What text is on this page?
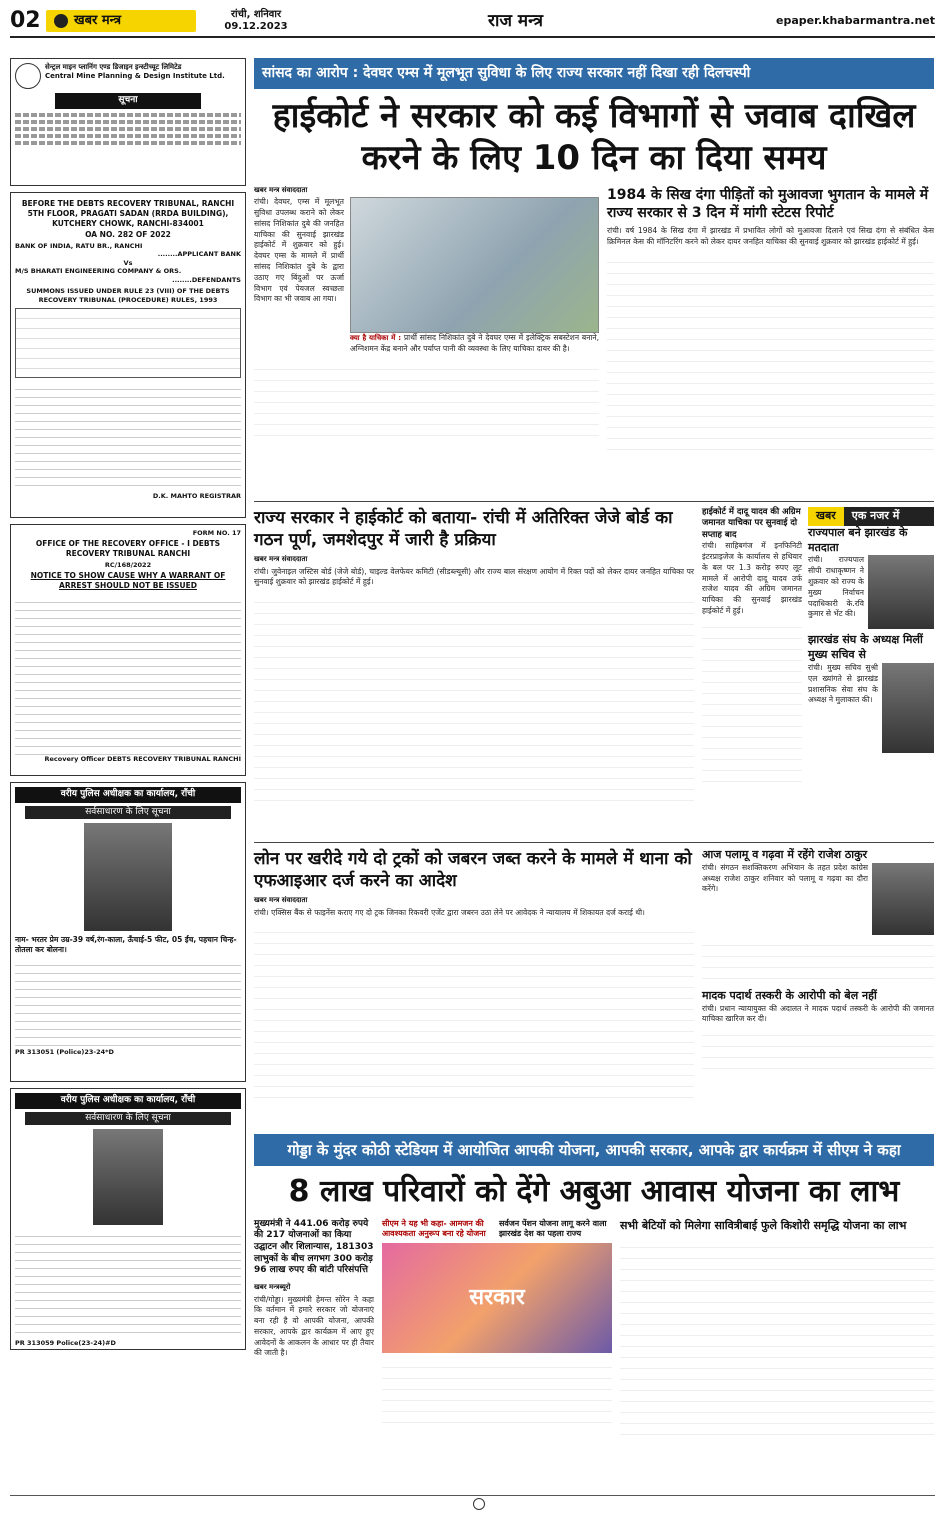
02	खबर मन्त्र	रांची, शनिवार
09.12.2023	राज मन्त्र	epaper.khabarmantra.net
सेन्ट्रल माइन प्लानिंग एण्ड डिजाइन इन्स्टीच्यूट लिमिटेड
Central Mine Planning & Design Institute Ltd.
सूचना
BEFORE THE DEBTS RECOVERY TRIBUNAL, RANCHI 5TH FLOOR, PRAGATI SADAN (RRDA BUILDING), KUTCHERY CHOWK, RANCHI-834001
OA NO. 282 OF 2022
BANK OF INDIA, RATU BR., RANCHI
........APPLICANT BANK
Vs
M/S BHARATI ENGINEERING COMPANY & ORS.
........DEFENDANTS
SUMMONS ISSUED UNDER RULE 23 (VIII) OF THE DEBTS RECOVERY TRIBUNAL (PROCEDURE) RULES, 1993
D.K. MAHTO REGISTRAR
FORM NO. 17
OFFICE OF THE RECOVERY OFFICE - I DEBTS RECOVERY TRIBUNAL RANCHI
RC/168/2022
NOTICE TO SHOW CAUSE WHY A WARRANT OF ARREST SHOULD NOT BE ISSUED
Recovery Officer DEBTS RECOVERY TRIBUNAL RANCHI
वरीय पुलिस अधीक्षक का कार्यालय, राँची
सर्वसाधारण के लिए सूचना
नाम- भरतर प्रेम उम्र-39 वर्ष,रंग-काला, ऊँचाई-5 फीट, 05 ईंच, पहचान चिन्ह- तोतला कर बोलना।
PR 313051 (Police)23-24*D
वरीय पुलिस अधीक्षक का कार्यालय, राँची
सर्वसाधारण के लिए सूचना
PR 313059 Police(23-24)#D
सांसद का आरोप : देवघर एम्स में मूलभूत सुविधा के लिए राज्य सरकार नहीं दिखा रही दिलचस्पी
हाईकोर्ट ने सरकार को कई विभागों से जवाब दाखिल करने के लिए 10 दिन का दिया समय
खबर मन्त्र संवाददाता
रांची। देवघर, एम्स में मूलभूत सुविधा उपलब्ध कराने को लेकर सांसद निशिकांत दुबे की जनहित याचिका की सुनवाई झारखंड हाईकोर्ट में शुक्रवार को हुई। देवघर एम्स के मामले में प्रार्थी सांसद निशिकांत दुबे के द्वारा उठाए गए बिंदुओं पर ऊर्जा विभाग एवं पेयजल स्वच्छता विभाग का भी जवाब आ गया।
क्या है याचिका में : प्रार्थी सांसद निशिकांत दुबे ने देवघर एम्स में इलेक्ट्रिक सबस्टेशन बनाने, अग्निशमन केंद्र बनाने और पर्याप्त पानी की व्यवस्था के लिए याचिका दायर की है।
1984 के सिख दंगा पीड़ितों को मुआवजा भुगतान के मामले में राज्य सरकार से 3 दिन में मांगी स्टेटस रिपोर्ट
रांची। वर्ष 1984 के सिख दंगा में झारखंड में प्रभावित लोगों को मुआवजा दिलाने एवं सिख दंगा से संबंधित केस क्रिमिनल केस की मॉनिटरिंग करने को लेकर दायर जनहित याचिका की सुनवाई शुक्रवार को झारखंड हाईकोर्ट में हुई।
राज्य सरकार ने हाईकोर्ट को बताया- रांची में अतिरिक्त जेजे बोर्ड का गठन पूर्ण, जमशेदपुर में जारी है प्रक्रिया
खबर मन्त्र संवाददाता
रांची। जुवेनाइल जस्टिस बोर्ड (जेजे बोर्ड), चाइल्ड वेलफेयर कमिटी (सीडब्ल्यूसी) और राज्य बाल संरक्षण आयोग में रिक्त पदों को लेकर दायर जनहित याचिका पर सुनवाई शुक्रवार को झारखंड हाईकोर्ट में हुई।
हाईकोर्ट में दादू यादव की अग्रिम जमानत याचिका पर सुनवाई दो सप्ताह बाद
रांची। साहिबगंज में इनफिनिटी इंटरप्राइजेज के कार्यालय से हथियार के बल पर 1.3 करोड़ रुपए लूट मामले में आरोपी दादू यादव उर्फ राजेश यादव की अग्रिम जमानत याचिका की सुनवाई झारखंड हाईकोर्ट में हुई।
खबर	एक नजर में
राज्यपाल बने झारखंड के मतदाता
रांची। राज्यपाल सीपी राधाकृष्णन ने शुक्रवार को राज्य के मुख्य निर्वाचन पदाधिकारी के.रवि कुमार से भेंट की।
झारखंड संघ के अध्यक्ष मिलीं मुख्य सचिव से
रांची। मुख्य सचिव सुश्री एल ख्यांगते से झारखंड प्रशासनिक सेवा संघ के अध्यक्ष ने मुलाकात की।
लोन पर खरीदे गये दो ट्रकों को जबरन जब्त करने के मामले में थाना को एफआइआर दर्ज करने का आदेश
खबर मन्त्र संवाददाता
रांची। एक्सिस बैंक से फाइनेंस कराए गए दो ट्रक जिनका रिकवरी एजेंट द्वारा जबरन उठा लेने पर आवेदक ने न्यायालय में शिकायत दर्ज कराई थी।
आज पलामू व गढ़वा में रहेंगे राजेश ठाकुर
रांची। संगठन सशक्तिकरण अभियान के तहत प्रदेश कांग्रेस अध्यक्ष राजेश ठाकुर शनिवार को पलामू व गढ़वा का दौरा करेंगे।
मादक पदार्थ तस्करी के आरोपी को बेल नहीं
रांची। प्रधान न्यायायुक्त की अदालत ने मादक पदार्थ तस्करी के आरोपी की जमानत याचिका खारिज कर दी।
गोड्डा के मुंदर कोठी स्टेडियम में आयोजित आपकी योजना, आपकी सरकार, आपके द्वार कार्यक्रम में सीएम ने कहा
8 लाख परिवारों को देंगे अबुआ आवास योजना का लाभ
मुख्यमंत्री ने 441.06 करोड़ रुपये की 217 योजनाओं का किया उद्घाटन और शिलान्यास, 181303 लाभुकों के बीच लगभग 300 करोड़ 96 लाख रुपए की बांटी परिसंपत्ति
खबर मन्त्रब्यूरो
रांची/गोड्डा। मुख्यमंत्री हेमन्त सोरेन ने कहा कि वर्तमान में हमारे सरकार जो योजनाएं बना रही है वो आपकी योजना, आपकी सरकार, आपके द्वार कार्यक्रम में आए हुए आवेदनों के आकलन के आधार पर ही तैयार की जाती है।
सीएम ने यह भी कहा- आमजन की आवश्यकता अनुरूप बना रहे योजना
सर्वजन पेंशन योजना लागू करने वाला झारखंड देश का पहला राज्य
सरकार
सभी बेटियों को मिलेगा सावित्रीबाई फुले किशोरी समृद्धि योजना का लाभ
